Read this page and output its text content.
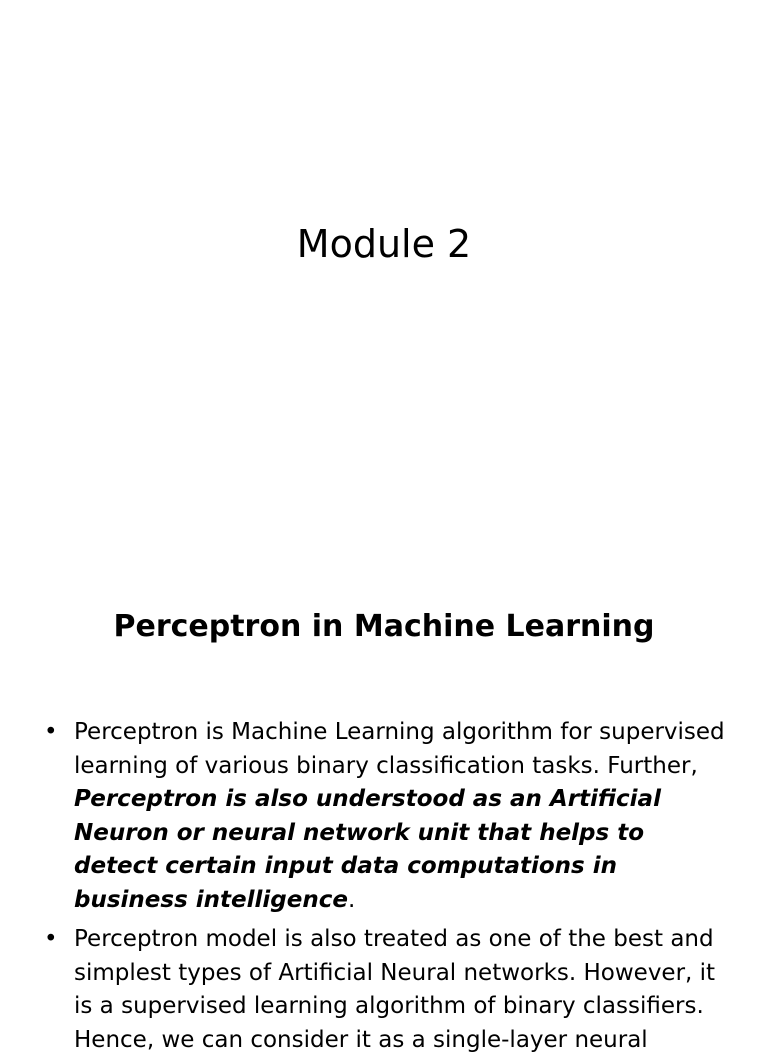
Module 2
Perceptron in Machine Learning
• Perceptron is Machine Learning algorithm for supervised learning of various binary classification tasks. Further, Perceptron is also understood as an Artificial Neuron or neural network unit that helps to detect certain input data computations in business intelligence.
• Perceptron model is also treated as one of the best and simplest types of Artificial Neural networks. However, it is a supervised learning algorithm of binary classifiers. Hence, we can consider it as a single-layer neural
